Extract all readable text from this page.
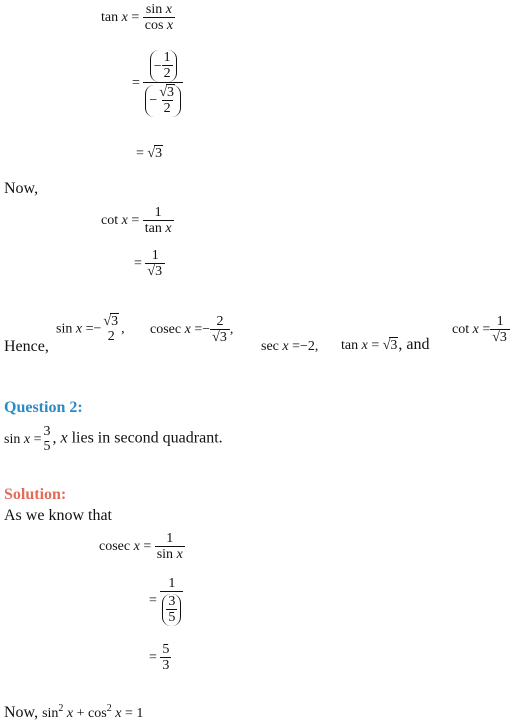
$\tan x = \frac{\text{sin x}}{\text{cos x}}$
= $\frac{- \frac{1}{2}}{- \frac{√3}{2}}$
= √3
Now,
$\cot x = \frac{1}{\text{tan x}}$
= $\frac{1}{√3}$
Hence,
sin x =−
√3
2 , cosec $x =- \frac{2}{√3}$ ,
sec x =−2, tan x = √3, and
$\cot x = \frac{1}{√3}$
Question 2:
sin x =
3
5 , x lies in second quadrant.
Solution:
As we know that
cosec $x = \frac{1}{\text{sin x}}$
= $\frac{1}{\frac{3}{5}}$
= $\frac{5}{3}$
Now, $\sin^2 x + \cos^2 x = 1$
